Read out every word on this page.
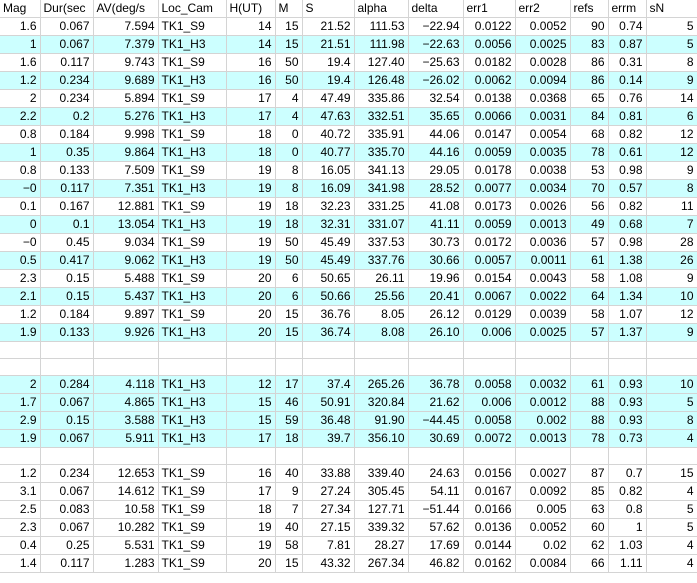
Mag	Dur(sec	AV(deg/s	Loc_Cam	H(UT)	M	S	alpha	delta	err1	err2	refs	errm	sN
1.6	0.067	7.594	TK1_S9	14	15	21.52	111.53	−22.94	0.0122	0.0052	90	0.74	5
1	0.067	7.379	TK1_H3	14	15	21.51	111.98	−22.63	0.0056	0.0025	83	0.87	5
1.6	0.117	9.743	TK1_S9	16	50	19.4	127.40	−25.63	0.0182	0.0028	86	0.31	8
1.2	0.234	9.689	TK1_H3	16	50	19.4	126.48	−26.02	0.0062	0.0094	86	0.14	9
2	0.234	5.894	TK1_S9	17	4	47.49	335.86	32.54	0.0138	0.0368	65	0.76	14
2.2	0.2	5.276	TK1_H3	17	4	47.63	332.51	35.65	0.0066	0.0031	84	0.81	6
0.8	0.184	9.998	TK1_S9	18	0	40.72	335.91	44.06	0.0147	0.0054	68	0.82	12
1	0.35	9.864	TK1_H3	18	0	40.77	335.70	44.16	0.0059	0.0035	78	0.61	12
0.8	0.133	7.509	TK1_S9	19	8	16.05	341.13	29.05	0.0178	0.0038	53	0.98	9
−0	0.117	7.351	TK1_H3	19	8	16.09	341.98	28.52	0.0077	0.0034	70	0.57	8
0.1	0.167	12.881	TK1_S9	19	18	32.23	331.25	41.08	0.0173	0.0026	56	0.82	11
0	0.1	13.054	TK1_H3	19	18	32.31	331.07	41.11	0.0059	0.0013	49	0.68	7
−0	0.45	9.034	TK1_S9	19	50	45.49	337.53	30.73	0.0172	0.0036	57	0.98	28
0.5	0.417	9.062	TK1_H3	19	50	45.49	337.76	30.66	0.0057	0.0011	61	1.38	26
2.3	0.15	5.488	TK1_S9	20	6	50.65	26.11	19.96	0.0154	0.0043	58	1.08	9
2.1	0.15	5.437	TK1_H3	20	6	50.66	25.56	20.41	0.0067	0.0022	64	1.34	10
1.2	0.184	9.897	TK1_S9	20	15	36.76	8.05	26.12	0.0129	0.0039	58	1.07	12
1.9	0.133	9.926	TK1_H3	20	15	36.74	8.08	26.10	0.006	0.0025	57	1.37	9

2	0.284	4.118	TK1_H3	12	17	37.4	265.26	36.78	0.0058	0.0032	61	0.93	10
1.7	0.067	4.865	TK1_H3	15	46	50.91	320.84	21.62	0.006	0.0012	88	0.93	5
2.9	0.15	3.588	TK1_H3	15	59	36.48	91.90	−44.45	0.0058	0.002	88	0.93	8
1.9	0.067	5.911	TK1_H3	17	18	39.7	356.10	30.69	0.0072	0.0013	78	0.73	4

1.2	0.234	12.653	TK1_S9	16	40	33.88	339.40	24.63	0.0156	0.0027	87	0.7	15
3.1	0.067	14.612	TK1_S9	17	9	27.24	305.45	54.11	0.0167	0.0092	85	0.82	4
2.5	0.083	10.58	TK1_S9	18	7	27.34	127.71	−51.44	0.0166	0.005	63	0.8	5
2.3	0.067	10.282	TK1_S9	19	40	27.15	339.32	57.62	0.0136	0.0052	60	1	5
0.4	0.25	5.531	TK1_S9	19	58	7.81	28.27	17.69	0.0144	0.02	62	1.03	4
1.4	0.117	1.283	TK1_S9	20	15	43.32	267.34	46.82	0.0162	0.0084	66	1.11	4
